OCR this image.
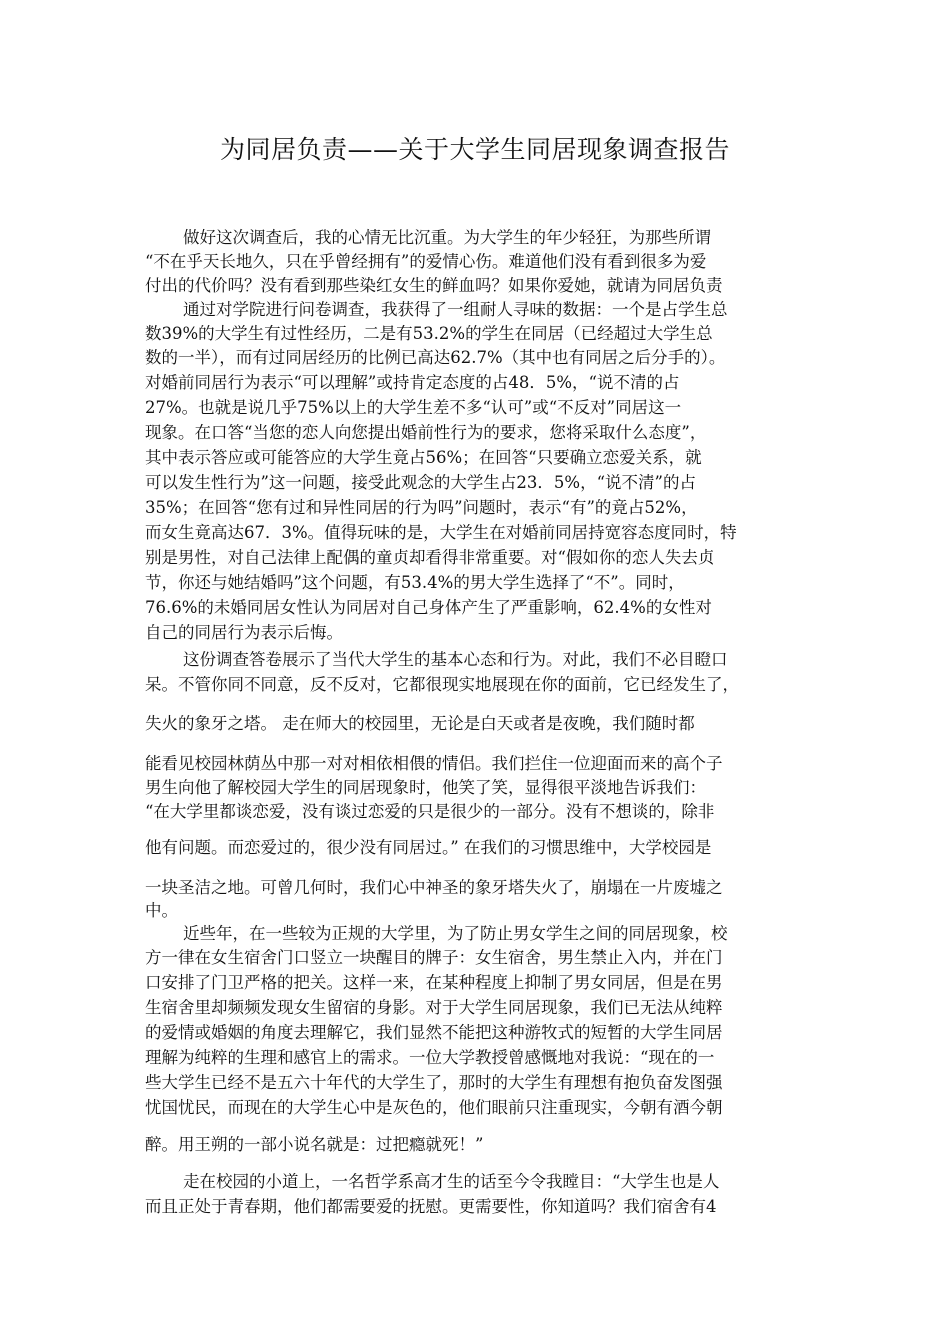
为同居负责——关于大学生同居现象调查报告
做好这次调查后，我的心情无比沉重。为大学生的年少轻狂，为那些所谓
“不在乎天长地久，只在乎曾经拥有”的爱情心伤。难道他们没有看到很多为爱
付出的代价吗？没有看到那些染红女生的鲜血吗？如果你爱她，就请为同居负责
通过对学院进行问卷调查，我获得了一组耐人寻味的数据：一个是占学生总
数39%的大学生有过性经历，二是有53.2%的学生在同居（已经超过大学生总
数的一半），而有过同居经历的比例已高达62.7%（其中也有同居之后分手的）。
对婚前同居行为表示“可以理解”或持肯定态度的占48．5%，“说不清的占
27%。也就是说几乎75%以上的大学生差不多“认可”或“不反对”同居这一
现象。在口答“当您的恋人向您提出婚前性行为的要求，您将采取什么态度”，
其中表示答应或可能答应的大学生竟占56%；在回答“只要确立恋爱关系，就
可以发生性行为”这一问题，接受此观念的大学生占23．5%，“说不清”的占
35%；在回答“您有过和异性同居的行为吗”问题时，表示“有”的竟占52%，
而女生竟高达67．3%。值得玩味的是，大学生在对婚前同居持宽容态度同时，特
别是男性，对自己法律上配偶的童贞却看得非常重要。对“假如你的恋人失去贞
节，你还与她结婚吗”这个问题，有53.4%的男大学生选择了“不”。同时，
76.6%的未婚同居女性认为同居对自己身体产生了严重影响，62.4%的女性对
自己的同居行为表示后悔。
这份调查答卷展示了当代大学生的基本心态和行为。对此，我们不必目瞪口
呆。不管你同不同意，反不反对，它都很现实地展现在你的面前，它已经发生了，
失火的象牙之塔。 走在师大的校园里，无论是白天或者是夜晚，我们随时都
能看见校园林荫丛中那一对对相依相偎的情侣。我们拦住一位迎面而来的高个子
男生向他了解校园大学生的同居现象时，他笑了笑，显得很平淡地告诉我们：
“在大学里都谈恋爱，没有谈过恋爱的只是很少的一部分。没有不想谈的，除非
他有问题。而恋爱过的，很少没有同居过。” 在我们的习惯思维中，大学校园是
一块圣洁之地。可曾几何时，我们心中神圣的象牙塔失火了，崩塌在一片废墟之
中。
近些年，在一些较为正规的大学里，为了防止男女学生之间的同居现象，校
方一律在女生宿舍门口竖立一块醒目的牌子：女生宿舍，男生禁止入内，并在门
口安排了门卫严格的把关。这样一来，在某种程度上抑制了男女同居，但是在男
生宿舍里却频频发现女生留宿的身影。对于大学生同居现象，我们已无法从纯粹
的爱情或婚姻的角度去理解它，我们显然不能把这种游牧式的短暂的大学生同居
理解为纯粹的生理和感官上的需求。一位大学教授曾感慨地对我说：“现在的一
些大学生已经不是五六十年代的大学生了，那时的大学生有理想有抱负奋发图强
忧国忧民，而现在的大学生心中是灰色的，他们眼前只注重现实，今朝有酒今朝
醉。用王朔的一部小说名就是：过把瘾就死！”
走在校园的小道上，一名哲学系高才生的话至今令我瞠目：“大学生也是人
而且正处于青春期，他们都需要爱的抚慰。更需要性，你知道吗？我们宿舍有4
